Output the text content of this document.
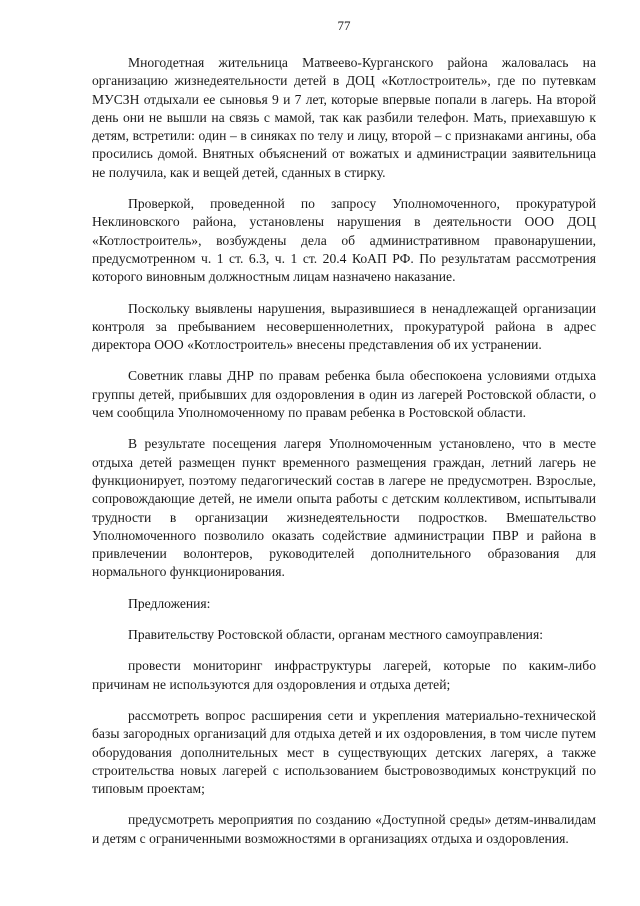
77

Многодетная жительница Матвеево-Курганского района жаловалась на организацию жизнедеятельности детей в ДОЦ «Котлостроитель», где по путевкам МУСЗН отдыхали ее сыновья 9 и 7 лет, которые впервые попали в лагерь. На второй день они не вышли на связь с мамой, так как разбили телефон. Мать, приехавшую к детям, встретили: один – в синяках по телу и лицу, второй – с признаками ангины, оба просились домой. Внятных объяснений от вожатых и администрации заявительница не получила, как и вещей детей, сданных в стирку.

Проверкой, проведенной по запросу Уполномоченного, прокуратурой Неклиновского района, установлены нарушения в деятельности ООО ДОЦ «Котлостроитель», возбуждены дела об административном правонарушении, предусмотренном ч. 1 ст. 6.3, ч. 1 ст. 20.4 КоАП РФ. По результатам рассмотрения которого виновным должностным лицам назначено наказание.

Поскольку выявлены нарушения, выразившиеся в ненадлежащей организации контроля за пребыванием несовершеннолетних, прокуратурой района в адрес директора ООО «Котлостроитель» внесены представления об их устранении.

Советник главы ДНР по правам ребенка была обеспокоена условиями отдыха группы детей, прибывших для оздоровления в один из лагерей Ростовской области, о чем сообщила Уполномоченному по правам ребенка в Ростовской области.

В результате посещения лагеря Уполномоченным установлено, что в месте отдыха детей размещен пункт временного размещения граждан, летний лагерь не функционирует, поэтому педагогический состав в лагере не предусмотрен. Взрослые, сопровождающие детей, не имели опыта работы с детским коллективом, испытывали трудности в организации жизнедеятельности подростков. Вмешательство Уполномоченного позволило оказать содействие администрации ПВР и района в привлечении волонтеров, руководителей дополнительного образования для нормального функционирования.

Предложения:

Правительству Ростовской области, органам местного самоуправления:

провести мониторинг инфраструктуры лагерей, которые по каким-либо причинам не используются для оздоровления и отдыха детей;

рассмотреть вопрос расширения сети и укрепления материально-технической базы загородных организаций для отдыха детей и их оздоровления, в том числе путем оборудования дополнительных мест в существующих детских лагерях, а также строительства новых лагерей с использованием быстровозводимых конструкций по типовым проектам;

предусмотреть мероприятия по созданию «Доступной среды» детям-инвалидам и детям с ограниченными возможностями в организациях отдыха и оздоровления.
